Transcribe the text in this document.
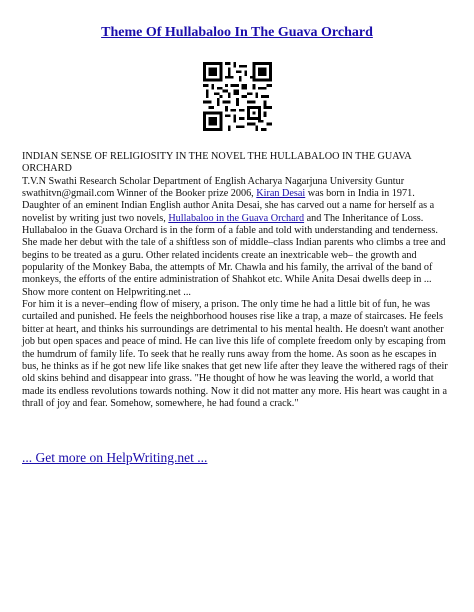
Theme Of Hullabaloo In The Guava Orchard

INDIAN SENSE OF RELIGIOSITY IN THE NOVEL THE HULLABALOO IN THE GUAVA ORCHARD

T.V.N Swathi Research Scholar Department of English Acharya Nagarjuna University Guntur swathitvn@gmail.com Winner of the Booker prize 2006, Kiran Desai was born in India in 1971. Daughter of an eminent Indian English author Anita Desai, she has carved out a name for herself as a novelist by writing just two novels, Hullabaloo in the Guava Orchard and The Inheritance of Loss. Hullabaloo in the Guava Orchard is in the form of a fable and told with understanding and tenderness. She made her debut with the tale of a shiftless son of middle–class Indian parents who climbs a tree and begins to be treated as a guru. Other related incidents create an inextricable web– the growth and popularity of the Monkey Baba, the attempts of Mr. Chawla and his family, the arrival of the band of monkeys, the efforts of the entire administration of Shahkot etc. While Anita Desai dwells deep in ... Show more content on Helpwriting.net ...

For him it is a never–ending flow of misery, a prison. The only time he had a little bit of fun, he was curtailed and punished. He feels the neighborhood houses rise like a trap, a maze of staircases. He feels bitter at heart, and thinks his surroundings are detrimental to his mental health. He doesn't want another job but open spaces and peace of mind. He can live this life of complete freedom only by escaping from the humdrum of family life. To seek that he really runs away from the home. As soon as he escapes in bus, he thinks as if he got new life like snakes that get new life after they leave the withered rags of their old skins behind and disappear into grass. "He thought of how he was leaving the world, a world that made its endless revolutions towards nothing. Now it did not matter any more. His heart was caught in a thrall of joy and fear. Somehow, somewhere, he had found a crack."

... Get more on HelpWriting.net ...
